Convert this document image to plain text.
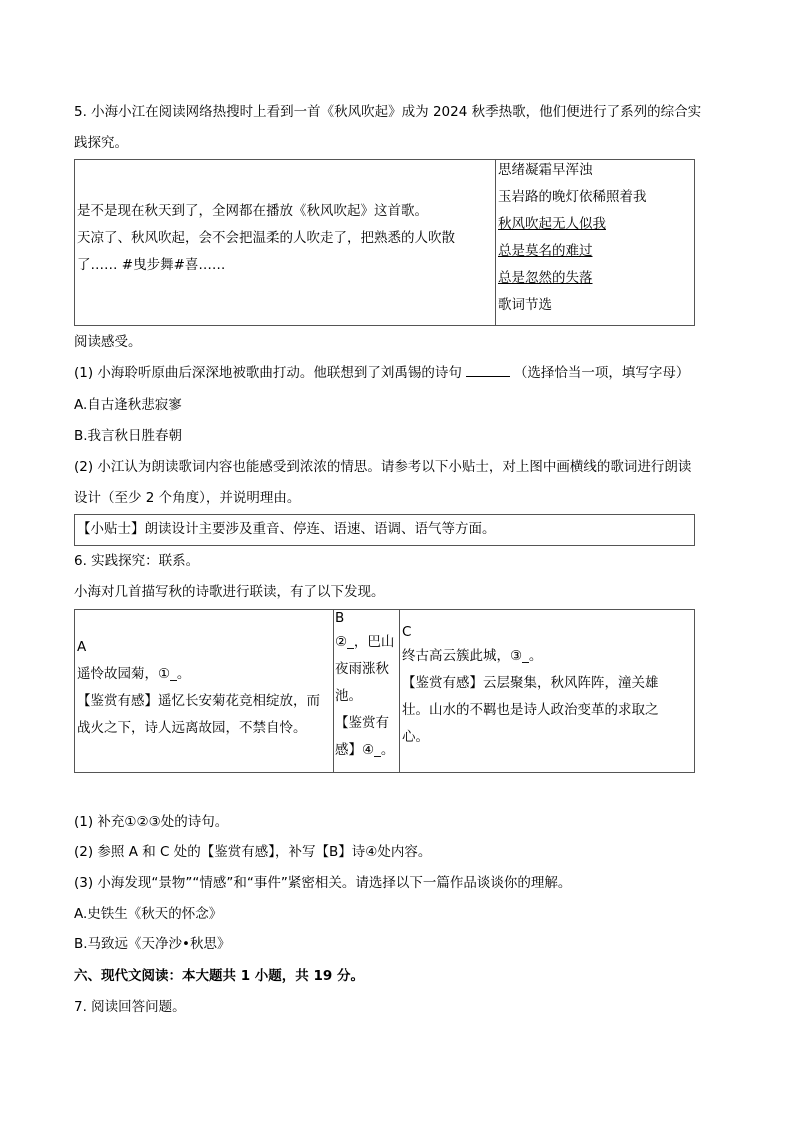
5. 小海小江在阅读网络热搜时上看到一首《秋风吹起》成为 2024 秋季热歌，他们便进行了系列的综合实
践探究。
是不是现在秋天到了，全网都在播放《秋风吹起》这首歌。
天凉了、秋风吹起，会不会把温柔的人吹走了，把熟悉的人吹散
了…… #曳步舞#喜……
思绪凝霜早浑浊
玉岩路的晚灯依稀照着我
秋风吹起无人似我
总是莫名的难过
总是忽然的失落
歌词节选
阅读感受。
(1) 小海聆听原曲后深深地被歌曲打动。他联想到了刘禹锡的诗句	（选择恰当一项，填写字母）
A.自古逢秋悲寂寥
B.我言秋日胜春朝
(2) 小江认为朗读歌词内容也能感受到浓浓的情思。请参考以下小贴士，对上图中画横线的歌词进行朗读
设计（至少 2 个角度），并说明理由。
【小贴士】朗读设计主要涉及重音、停连、语速、语调、语气等方面。
6. 实践探究：联系。
小海对几首描写秋的诗歌进行联读，有了以下发现。
A
遥怜故园菊，①_。
【鉴赏有感】遥忆长安菊花竞相绽放，而
战火之下，诗人远离故园，不禁自怜。
B
②_，巴山
夜雨涨秋
池。
【鉴赏有
感】④_。
C
终古高云簇此城，③_。
【鉴赏有感】云层聚集，秋风阵阵，潼关雄
壮。山水的不羁也是诗人政治变革的求取之
心。
(1) 补充①②③处的诗句。
(2) 参照 A 和 C 处的【鉴赏有感】，补写【B】诗④处内容。
(3) 小海发现“景物”“情感”和“事件”紧密相关。请选择以下一篇作品谈谈你的理解。
A.史铁生《秋天的怀念》
B.马致远《天净沙•秋思》
六、现代文阅读：本大题共 1 小题，共 19 分。
7. 阅读回答问题。
